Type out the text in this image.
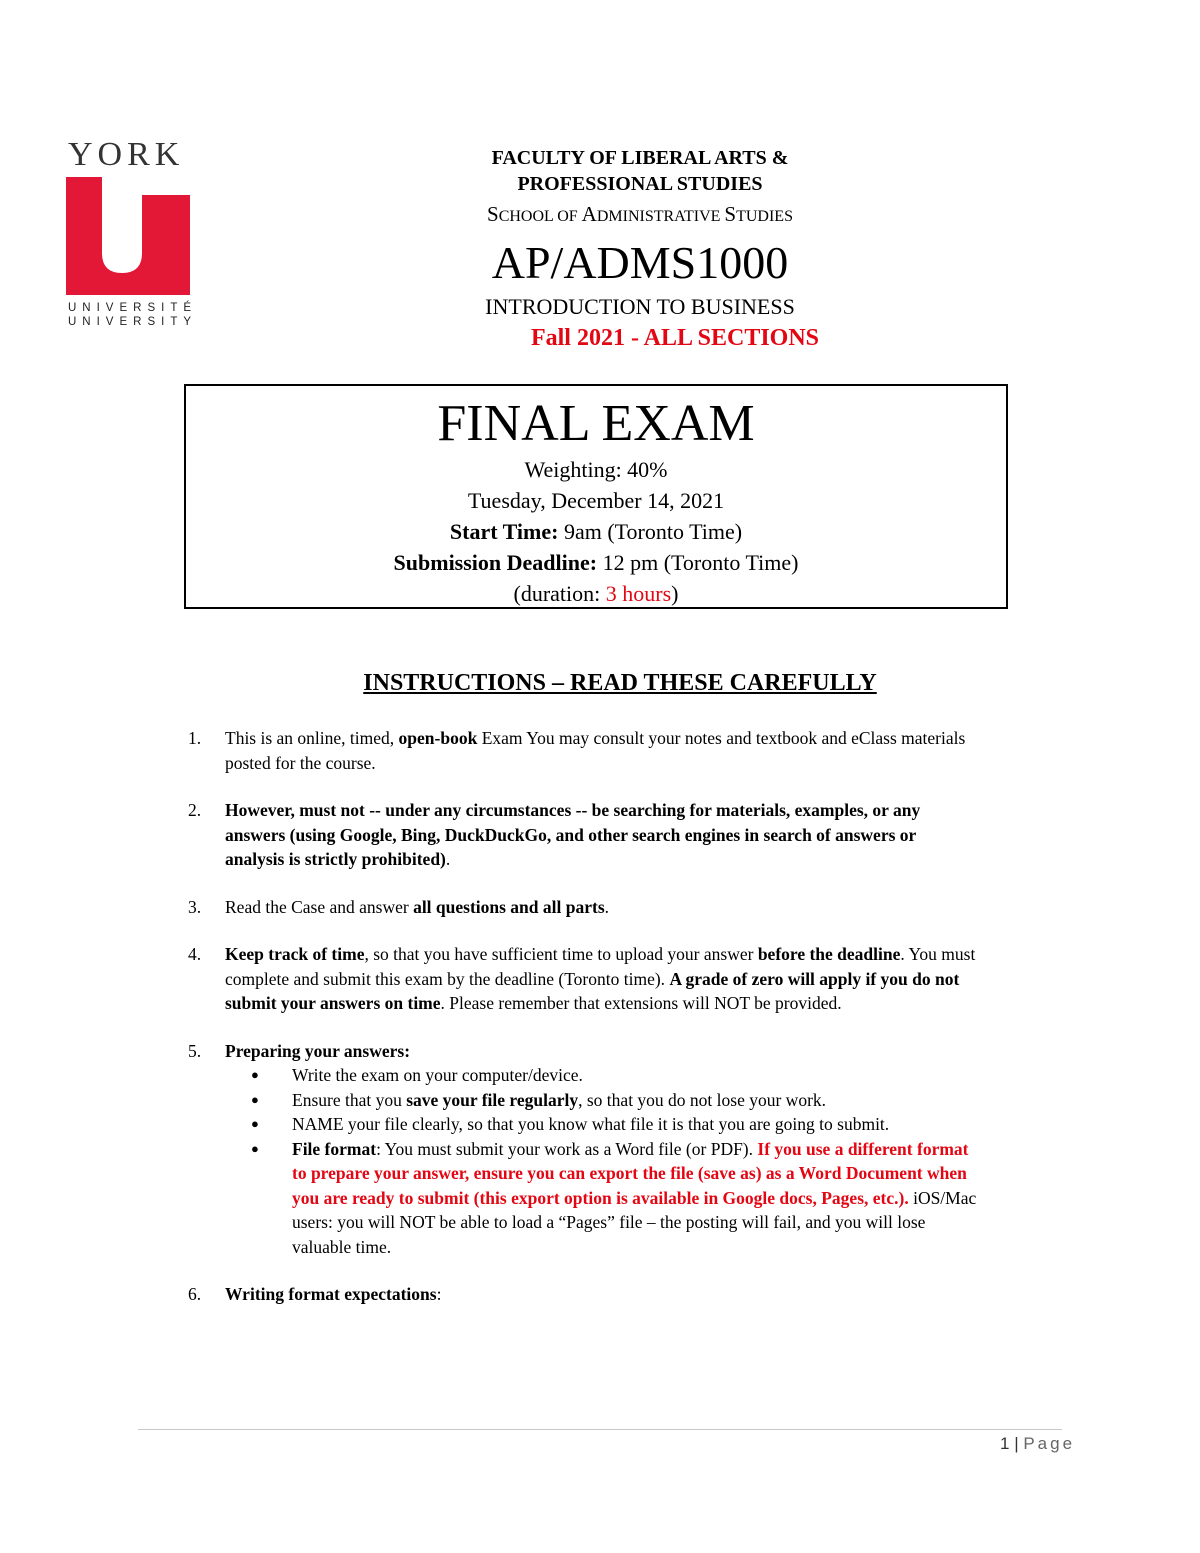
YORK
UNIVERSITÉ
UNIVERSITY
FACULTY OF LIBERAL ARTS &
PROFESSIONAL STUDIES
SCHOOL OF ADMINISTRATIVE STUDIES
AP/ADMS1000
INTRODUCTION TO BUSINESS
Fall 2021 - ALL SECTIONS
FINAL EXAM
Weighting: 40%
Tuesday, December 14, 2021
Start Time: 9am (Toronto Time)
Submission Deadline: 12 pm (Toronto Time)
(duration: 3 hours)
INSTRUCTIONS – READ THESE CAREFULLY
1. This is an online, timed, open-book Exam You may consult your notes and textbook and eClass materials posted for the course.
2. However, must not -- under any circumstances -- be searching for materials, examples, or any answers (using Google, Bing, DuckDuckGo, and other search engines in search of answers or analysis is strictly prohibited).
3. Read the Case and answer all questions and all parts.
4. Keep track of time, so that you have sufficient time to upload your answer before the deadline. You must complete and submit this exam by the deadline (Toronto time). A grade of zero will apply if you do not submit your answers on time. Please remember that extensions will NOT be provided.
5. Preparing your answers:
● Write the exam on your computer/device.
● Ensure that you save your file regularly, so that you do not lose your work.
● NAME your file clearly, so that you know what file it is that you are going to submit.
● File format: You must submit your work as a Word file (or PDF). If you use a different format to prepare your answer, ensure you can export the file (save as) as a Word Document when you are ready to submit (this export option is available in Google docs, Pages, etc.). iOS/Mac users: you will NOT be able to load a “Pages” file – the posting will fail, and you will lose valuable time.
6. Writing format expectations:
1 | Page
